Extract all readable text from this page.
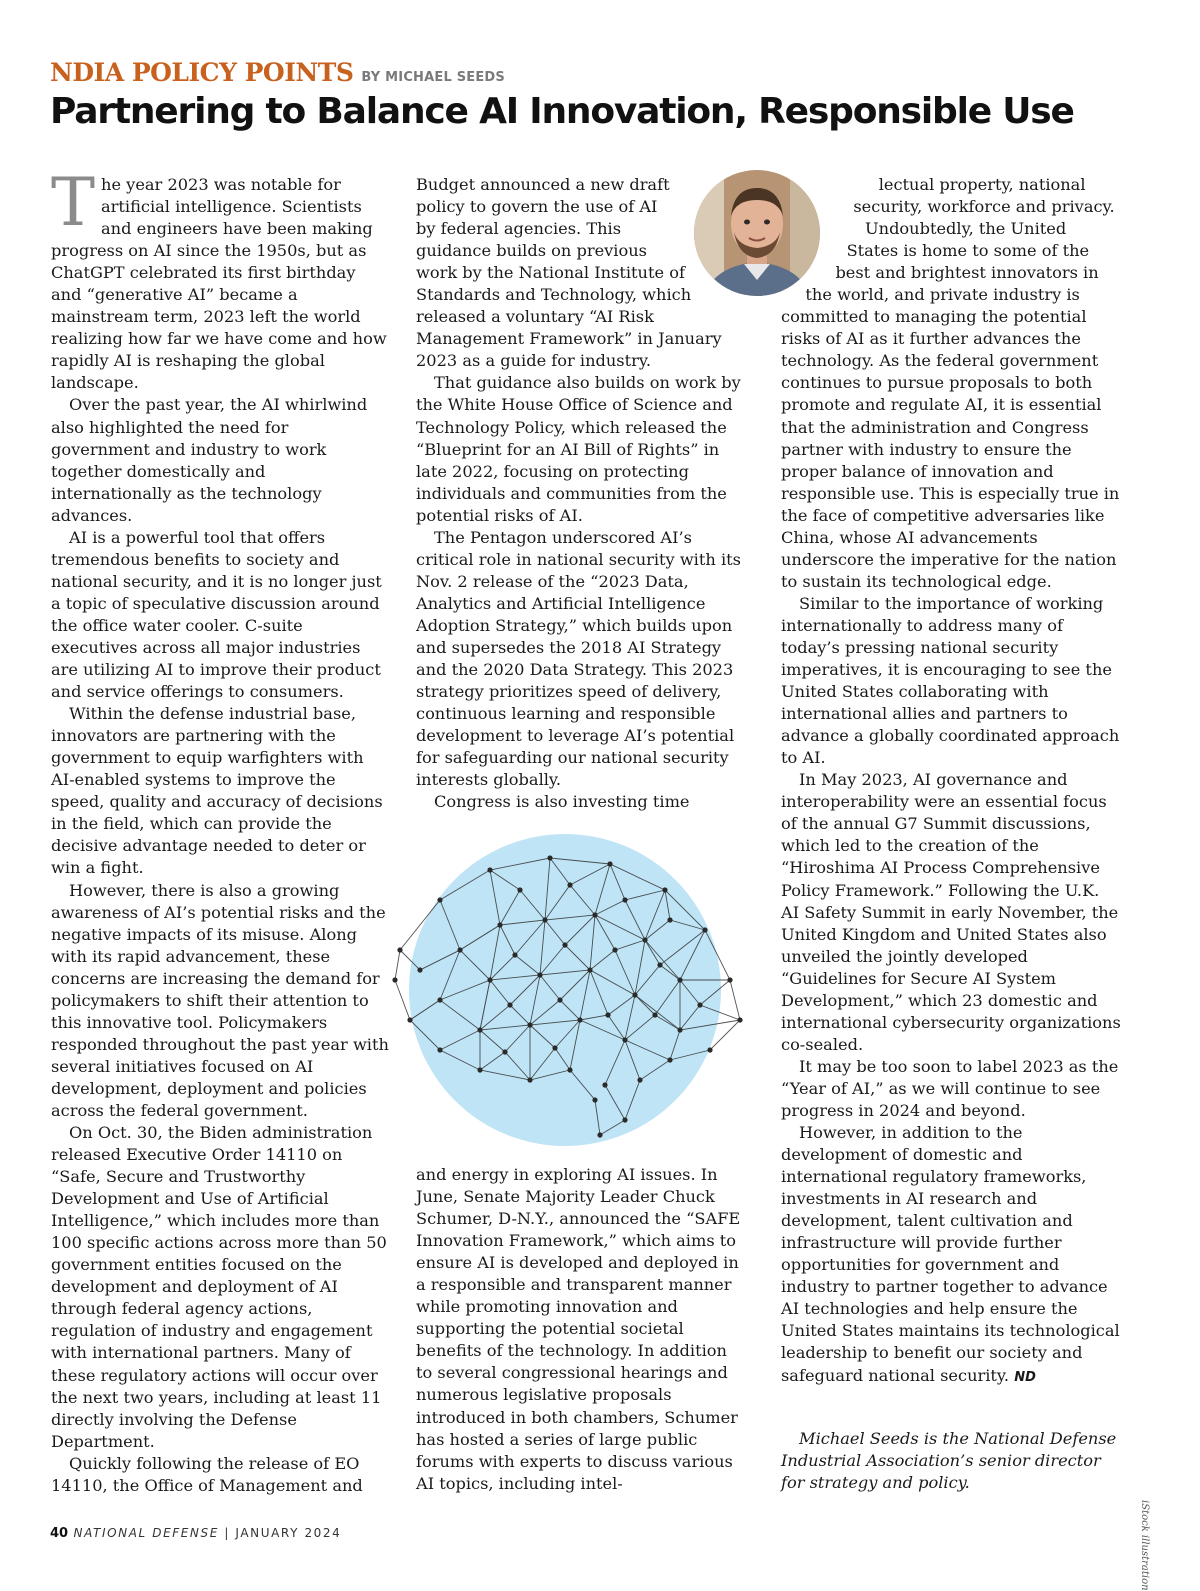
NDIA POLICY POINTS BY MICHAEL SEEDS
Partnering to Balance AI Innovation, Responsible Use

The year 2023 was notable for artificial intelligence. Scientists and engineers have been making progress on AI since the 1950s, but as ChatGPT celebrated its first birthday and “generative AI” became a mainstream term, 2023 left the world realizing how far we have come and how rapidly AI is reshaping the global landscape.

Over the past year, the AI whirlwind also highlighted the need for government and industry to work together domestically and internationally as the technology advances.

AI is a powerful tool that offers tremendous benefits to society and national security, and it is no longer just a topic of speculative discussion around the office water cooler. C-suite executives across all major industries are utilizing AI to improve their product and service offerings to consumers.

Within the defense industrial base, innovators are partnering with the government to equip warfighters with AI-enabled systems to improve the speed, quality and accuracy of decisions in the field, which can provide the decisive advantage needed to deter or win a fight.

However, there is also a growing awareness of AI’s potential risks and the negative impacts of its misuse. Along with its rapid advancement, these concerns are increasing the demand for policymakers to shift their attention to this innovative tool. Policymakers responded throughout the past year with several initiatives focused on AI development, deployment and policies across the federal government.

On Oct. 30, the Biden administration released Executive Order 14110 on “Safe, Secure and Trustworthy Development and Use of Artificial Intelligence,” which includes more than 100 specific actions across more than 50 government entities focused on the development and deployment of AI through federal agency actions, regulation of industry and engagement with international partners. Many of these regulatory actions will occur over the next two years, including at least 11 directly involving the Defense Department.

Quickly following the release of EO 14110, the Office of Management and

Budget announced a new draft policy to govern the use of AI by federal agencies. This guidance builds on previous work by the National Institute of Standards and Technology, which released a voluntary “AI Risk Management Framework” in January 2023 as a guide for industry.

That guidance also builds on work by the White House Office of Science and Technology Policy, which released the “Blueprint for an AI Bill of Rights” in late 2022, focusing on protecting individuals and communities from the potential risks of AI.

The Pentagon underscored AI’s critical role in national security with its Nov. 2 release of the “2023 Data, Analytics and Artificial Intelligence Adoption Strategy,” which builds upon and supersedes the 2018 AI Strategy and the 2020 Data Strategy. This 2023 strategy prioritizes speed of delivery, continuous learning and responsible development to leverage AI’s potential for safeguarding our national security interests globally.

Congress is also investing time

and energy in exploring AI issues. In June, Senate Majority Leader Chuck Schumer, D-N.Y., announced the “SAFE Innovation Framework,” which aims to ensure AI is developed and deployed in a responsible and transparent manner while promoting innovation and supporting the potential societal benefits of the technology. In addition to several congressional hearings and numerous legislative proposals introduced in both chambers, Schumer has hosted a series of large public forums with experts to discuss various AI topics, including intel-

lectual property, national security, workforce and privacy.

Undoubtedly, the United States is home to some of the best and brightest innovators in the world, and private industry is committed to managing the potential risks of AI as it further advances the technology. As the federal government continues to pursue proposals to both promote and regulate AI, it is essential that the administration and Congress partner with industry to ensure the proper balance of innovation and responsible use. This is especially true in the face of competitive adversaries like China, whose AI advancements underscore the imperative for the nation to sustain its technological edge.

Similar to the importance of working internationally to address many of today’s pressing national security imperatives, it is encouraging to see the United States collaborating with international allies and partners to advance a globally coordinated approach to AI.

In May 2023, AI governance and interoperability were an essential focus of the annual G7 Summit discussions, which led to the creation of the “Hiroshima AI Process Comprehensive Policy Framework.” Following the U.K. AI Safety Summit in early November, the United Kingdom and United States also unveiled the jointly developed “Guidelines for Secure AI System Development,” which 23 domestic and international cybersecurity organizations co-sealed.

It may be too soon to label 2023 as the “Year of AI,” as we will continue to see progress in 2024 and beyond.

However, in addition to the development of domestic and international regulatory frameworks, investments in AI research and development, talent cultivation and infrastructure will provide further opportunities for government and industry to partner together to advance AI technologies and help ensure the United States maintains its technological leadership to benefit our society and safeguard national security. ND

Michael Seeds is the National Defense Industrial Association’s senior director for strategy and policy.
iStock illustration
40 NATIONAL DEFENSE | JANUARY 2024
